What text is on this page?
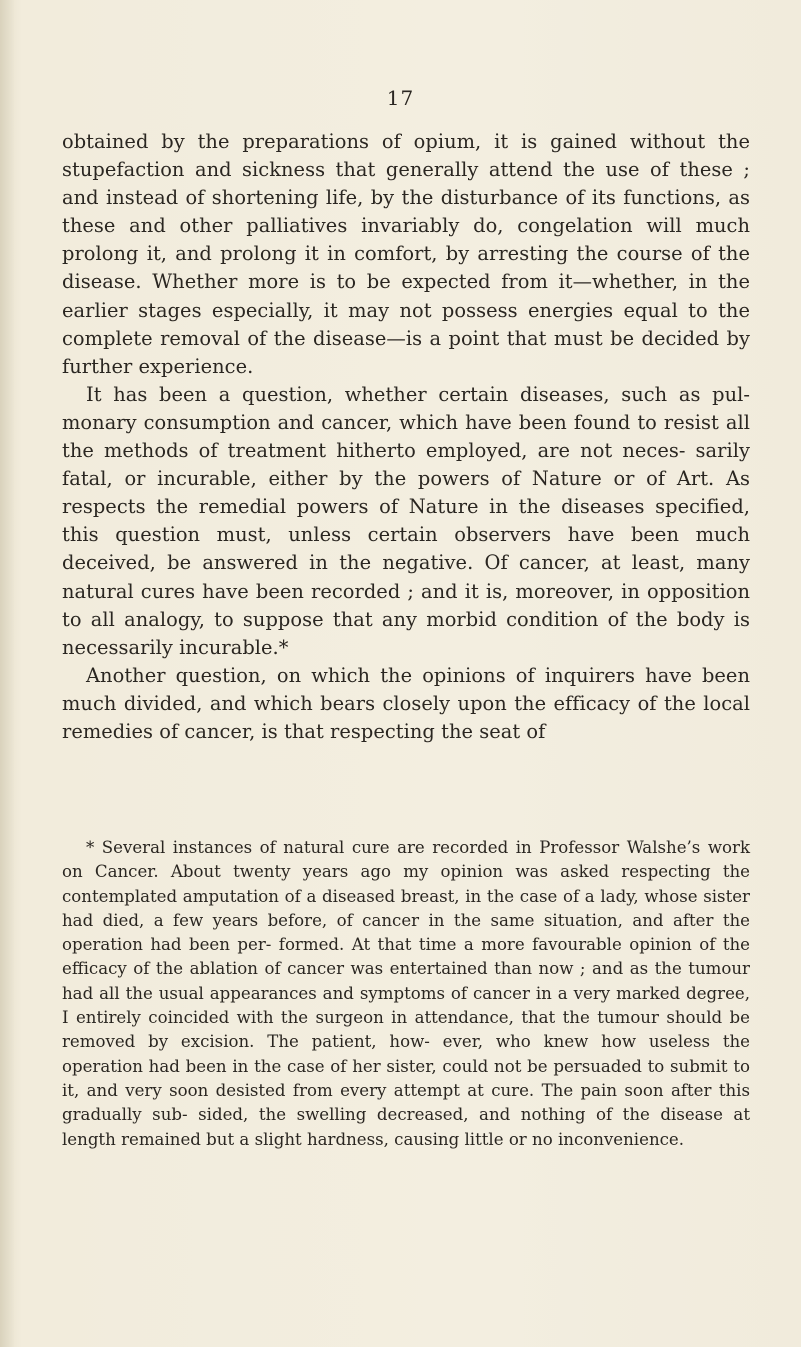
17

obtained by the preparations of opium, it is gained without the stupefaction and sickness that generally attend the use of these ; and instead of shortening life, by the disturbance of its functions, as these and other palliatives invariably do, congelation will much prolong it, and prolong it in comfort, by arresting the course of the disease. Whether more is to be expected from it—whether, in the earlier stages especially, it may not possess energies equal to the complete removal of the disease—is a point that must be decided by further experience.

It has been a question, whether certain diseases, such as pul- monary consumption and cancer, which have been found to resist all the methods of treatment hitherto employed, are not neces- sarily fatal, or incurable, either by the powers of Nature or of Art. As respects the remedial powers of Nature in the diseases specified, this question must, unless certain observers have been much deceived, be answered in the negative. Of cancer, at least, many natural cures have been recorded ; and it is, moreover, in opposition to all analogy, to suppose that any morbid condition of the body is necessarily incurable.*

Another question, on which the opinions of inquirers have been much divided, and which bears closely upon the efficacy of the local remedies of cancer, is that respecting the seat of

* Several instances of natural cure are recorded in Professor Walshe’s work on Cancer. About twenty years ago my opinion was asked respecting the contemplated amputation of a diseased breast, in the case of a lady, whose sister had died, a few years before, of cancer in the same situation, and after the operation had been per- formed. At that time a more favourable opinion of the efficacy of the ablation of cancer was entertained than now ; and as the tumour had all the usual appearances and symptoms of cancer in a very marked degree, I entirely coincided with the surgeon in attendance, that the tumour should be removed by excision. The patient, how- ever, who knew how useless the operation had been in the case of her sister, could not be persuaded to submit to it, and very soon desisted from every attempt at cure. The pain soon after this gradually sub- sided, the swelling decreased, and nothing of the disease at length remained but a slight hardness, causing little or no inconvenience.
